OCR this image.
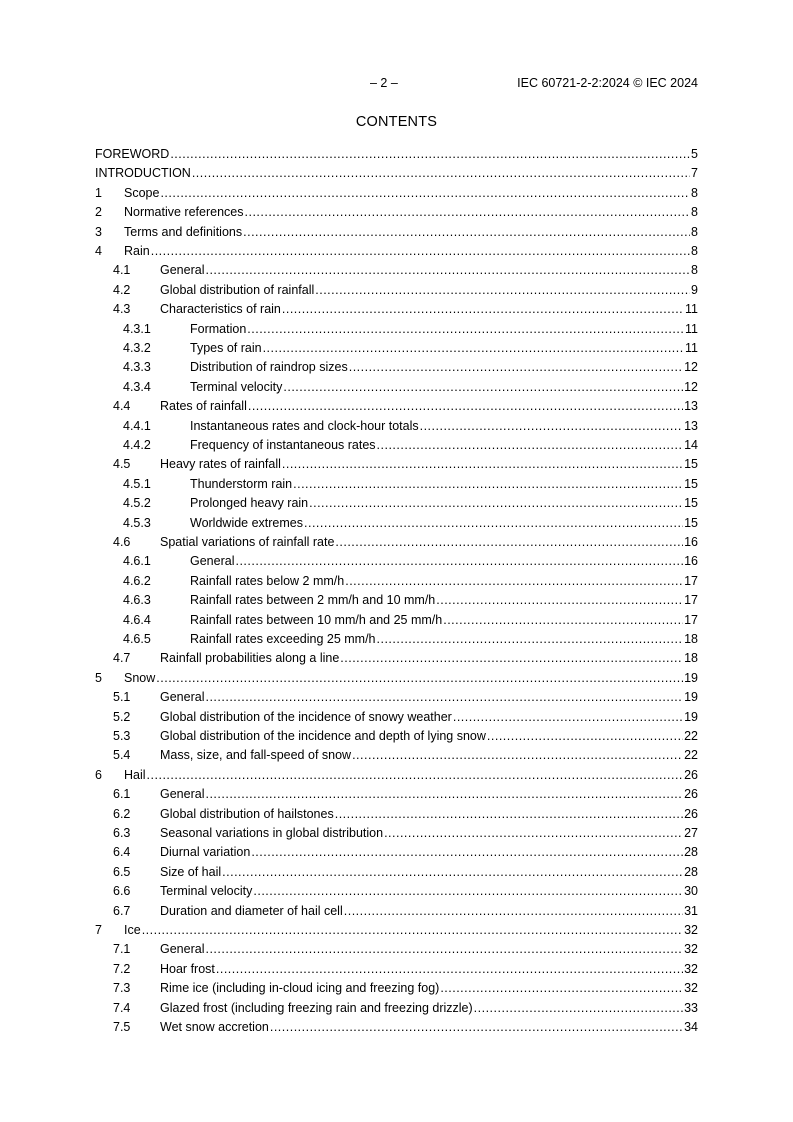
– 2 –	IEC 60721-2-2:2024 © IEC 2024
CONTENTS
FOREWORD .....	5
INTRODUCTION .....	7
1	Scope .....	8
2	Normative references .....	8
3	Terms and definitions .....	8
4	Rain .....	8
4.1	General .....	8
4.2	Global distribution of rainfall .....	9
4.3	Characteristics of rain .....	11
4.3.1	Formation .....	11
4.3.2	Types of rain .....	11
4.3.3	Distribution of raindrop sizes .....	12
4.3.4	Terminal velocity .....	12
4.4	Rates of rainfall .....	13
4.4.1	Instantaneous rates and clock-hour totals .....	13
4.4.2	Frequency of instantaneous rates .....	14
4.5	Heavy rates of rainfall .....	15
4.5.1	Thunderstorm rain .....	15
4.5.2	Prolonged heavy rain .....	15
4.5.3	Worldwide extremes .....	15
4.6	Spatial variations of rainfall rate .....	16
4.6.1	General .....	16
4.6.2	Rainfall rates below 2 mm/h .....	17
4.6.3	Rainfall rates between 2 mm/h and 10 mm/h .....	17
4.6.4	Rainfall rates between 10 mm/h and 25 mm/h .....	17
4.6.5	Rainfall rates exceeding 25 mm/h .....	18
4.7	Rainfall probabilities along a line .....	18
5	Snow .....	19
5.1	General .....	19
5.2	Global distribution of the incidence of snowy weather .....	19
5.3	Global distribution of the incidence and depth of lying snow .....	22
5.4	Mass, size, and fall-speed of snow .....	22
6	Hail .....	26
6.1	General .....	26
6.2	Global distribution of hailstones .....	26
6.3	Seasonal variations in global distribution .....	27
6.4	Diurnal variation .....	28
6.5	Size of hail .....	28
6.6	Terminal velocity .....	30
6.7	Duration and diameter of hail cell .....	31
7	Ice .....	32
7.1	General .....	32
7.2	Hoar frost .....	32
7.3	Rime ice (including in-cloud icing and freezing fog) .....	32
7.4	Glazed frost (including freezing rain and freezing drizzle) .....	33
7.5	Wet snow accretion .....	34
